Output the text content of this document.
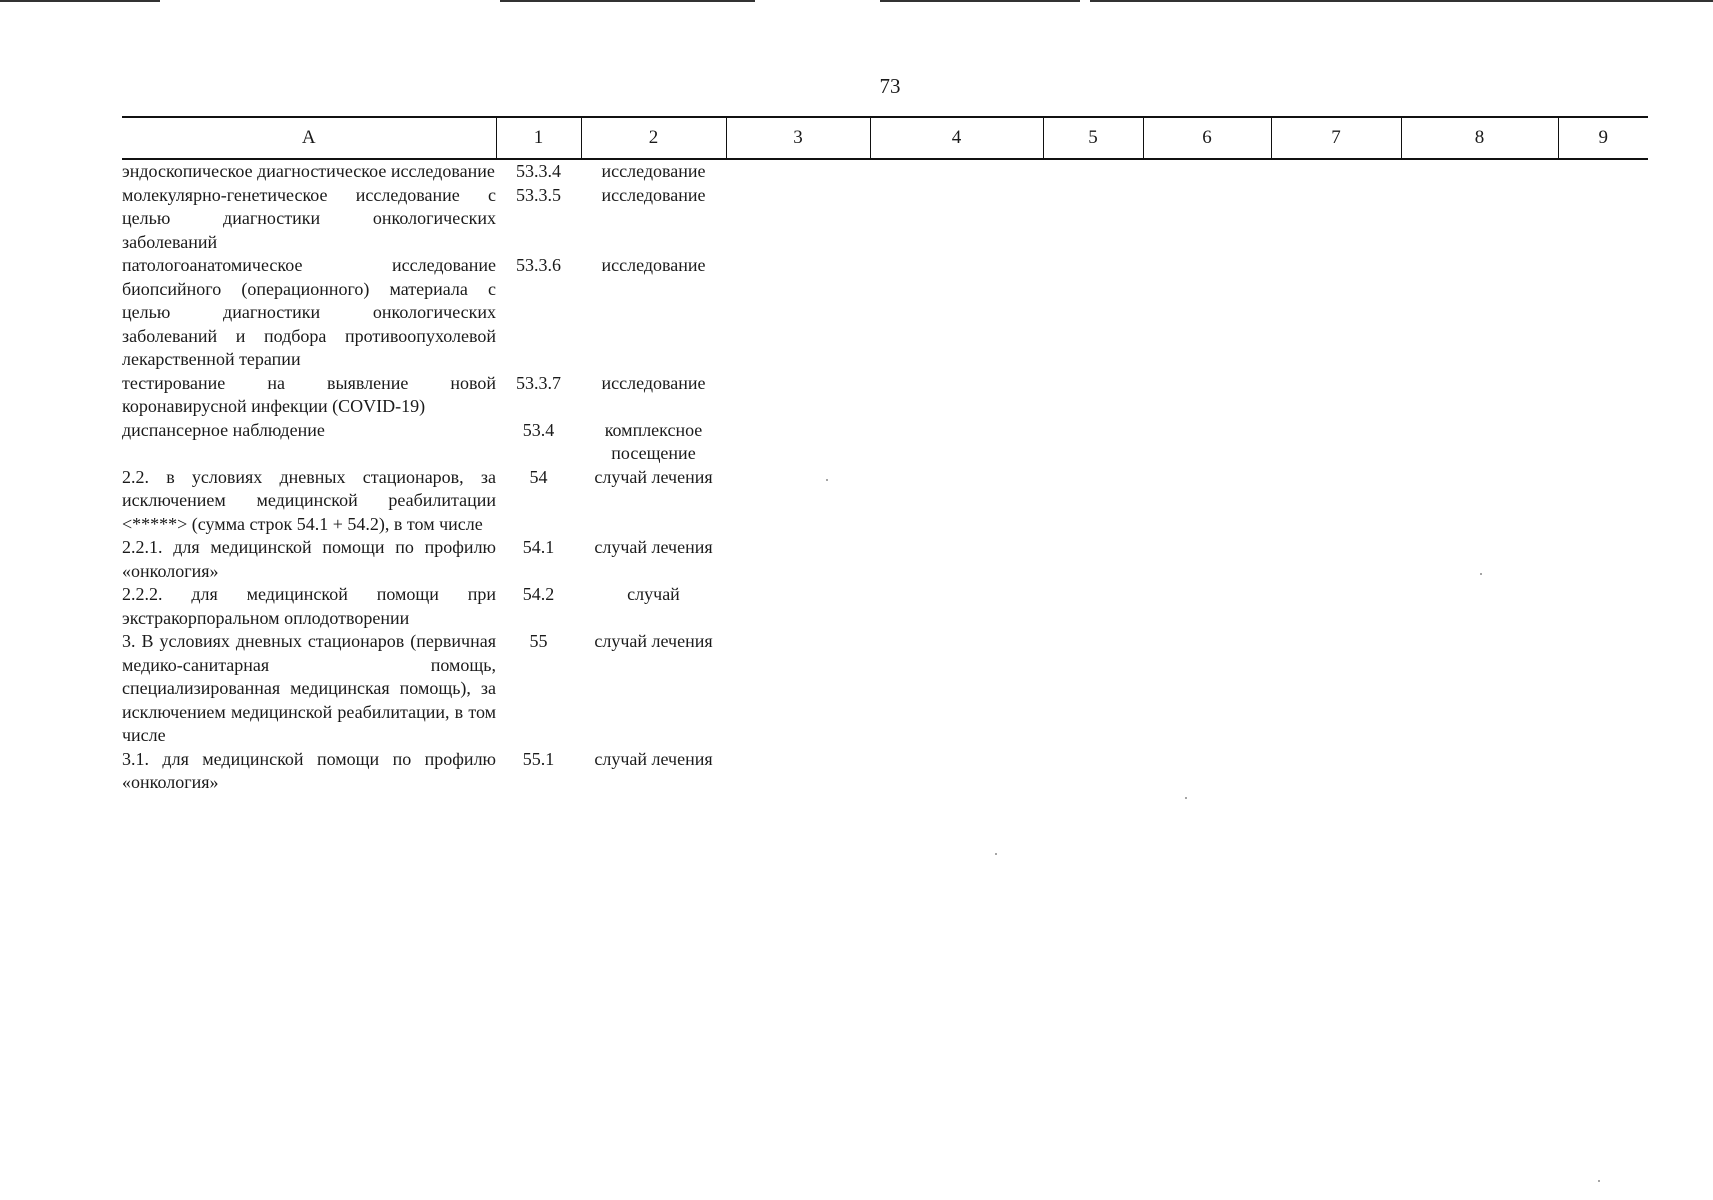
73
А	1	2	3	4	5	6	7	8	9
эндоскопическое диагностическое исследование	53.3.4	исследование							
молекулярно-генетическое исследование с целью диагностики онкологических заболеваний	53.3.5	исследование							
патологоанатомическое исследование биопсийного (операционного) материала с целью диагностики онкологических заболеваний и подбора противоопухолевой лекарственной терапии	53.3.6	исследование							
тестирование на выявление новой коронавирусной инфекции (COVID-19)	53.3.7	исследование							
диспансерное наблюдение	53.4	комплексное посещение							
2.2. в условиях дневных стационаров, за исключением медицинской реабилитации <*****> (сумма строк 54.1 + 54.2), в том числе	54	случай лечения							
2.2.1. для медицинской помощи по профилю «онкология»	54.1	случай лечения							
2.2.2. для медицинской помощи при экстракорпоральном оплодотворении	54.2	случай							
3. В условиях дневных стационаров (первичная медико-санитарная помощь, специализированная медицинская помощь), за исключением медицинской реабилитации, в том числе	55	случай лечения							
3.1. для медицинской помощи по профилю «онкология»	55.1	случай лечения							
